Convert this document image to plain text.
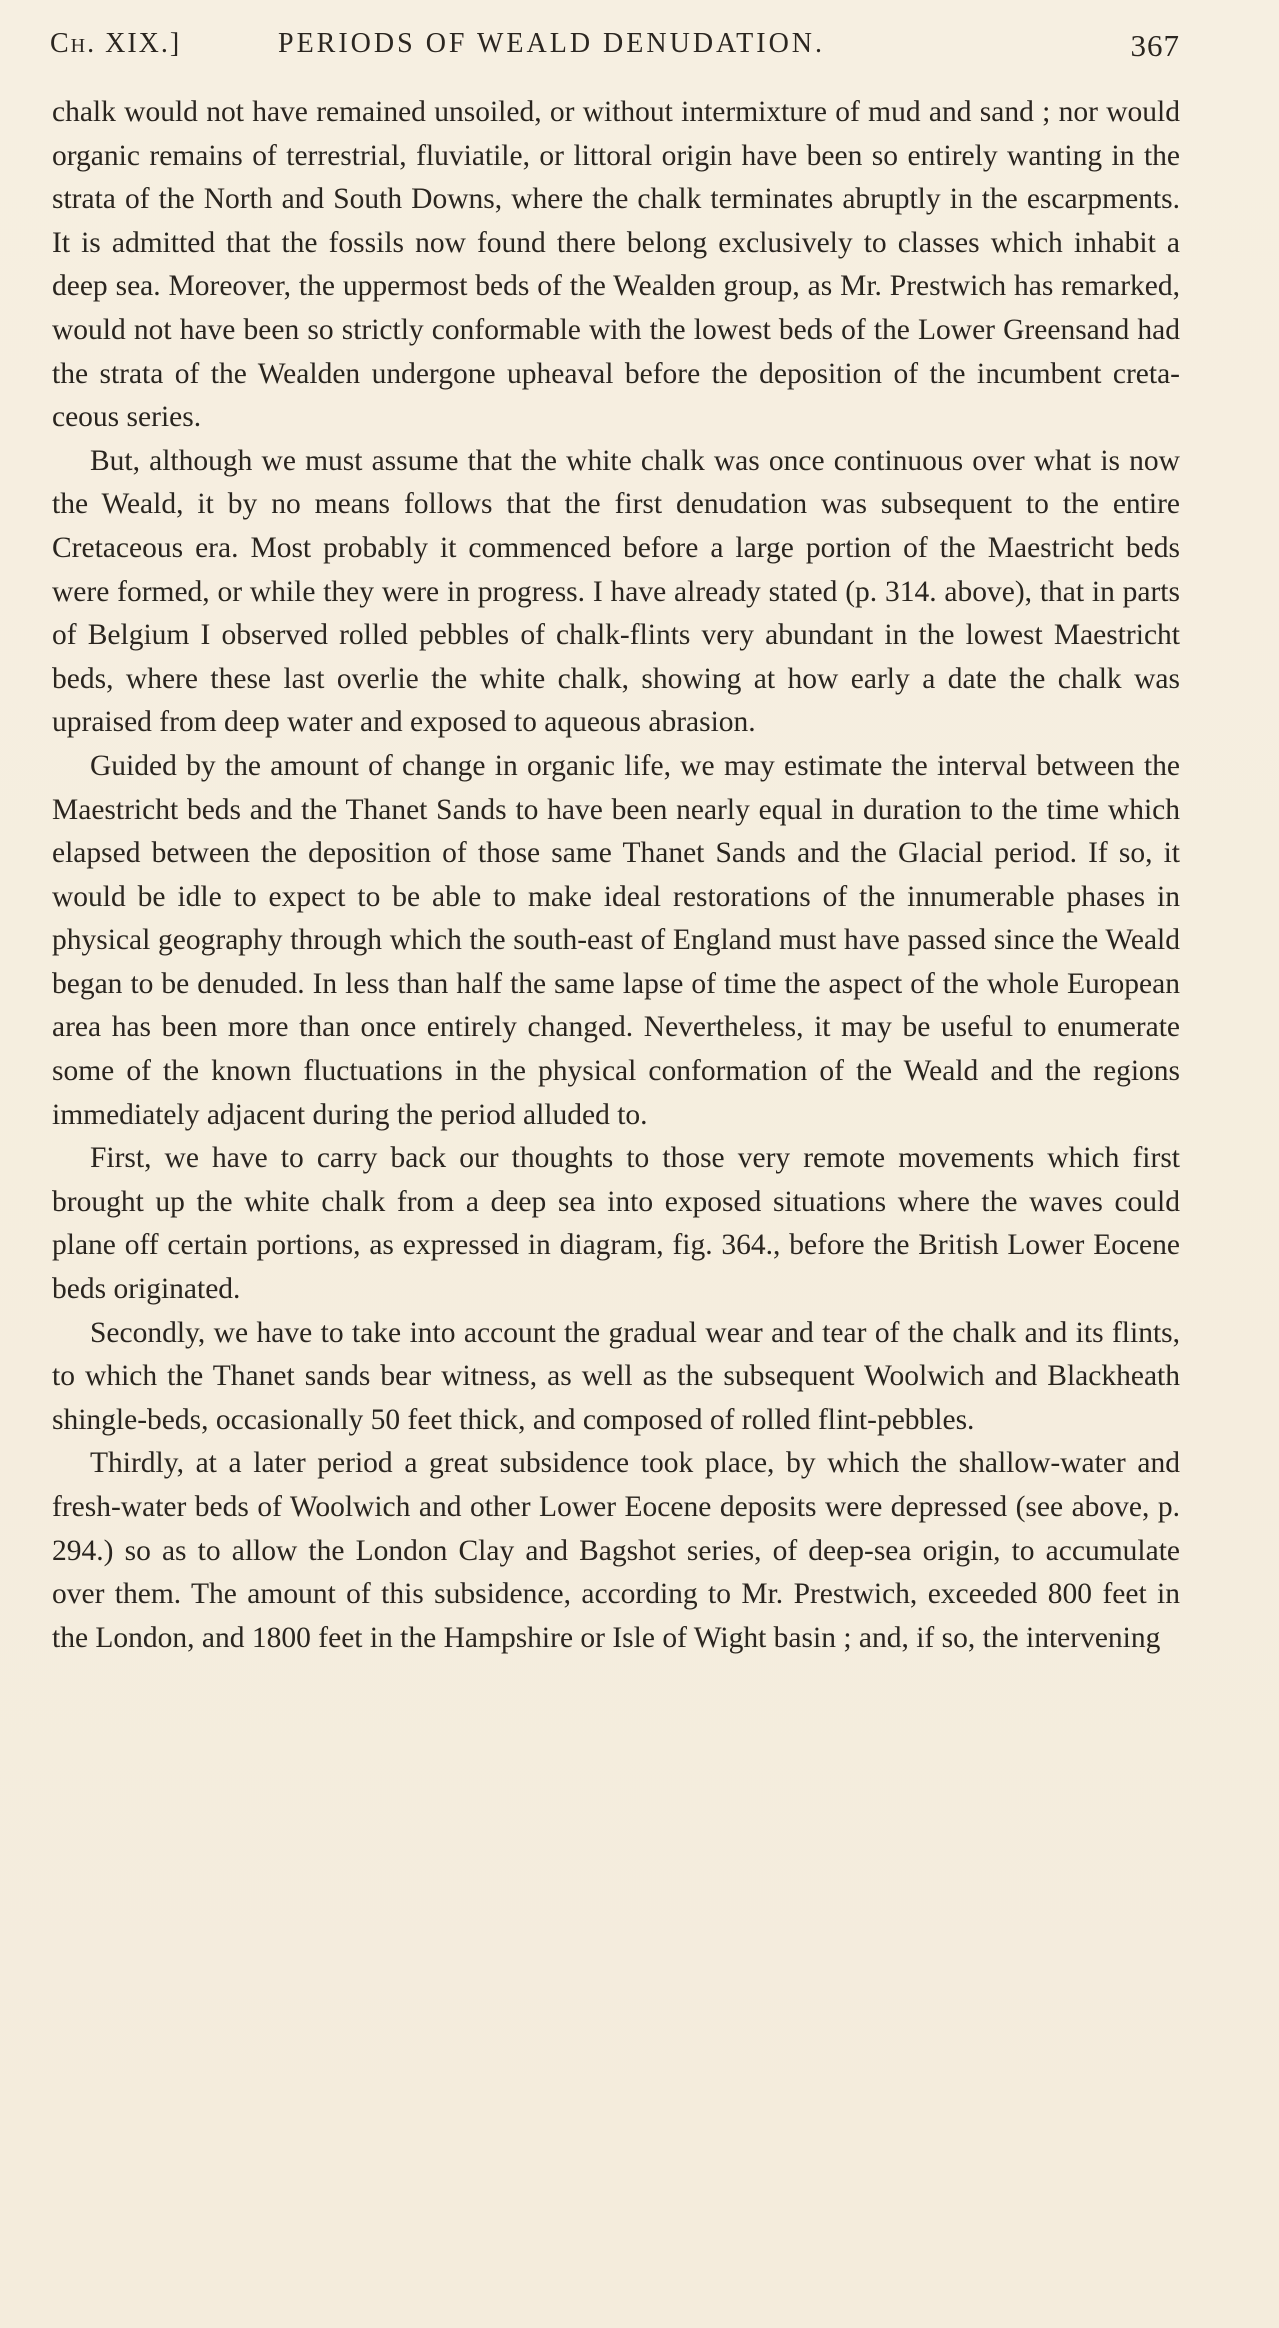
Ch. XIX.]	PERIODS OF WEALD DENUDATION.	367

chalk would not have remained unsoiled, or without intermixture of mud and sand ; nor would organic remains of terrestrial, fluviatile, or littoral origin have been so entirely wanting in the strata of the North and South Downs, where the chalk terminates abruptly in the escarpments. It is admitted that the fossils now found there belong exclusively to classes which inhabit a deep sea. Moreover, the uppermost beds of the Wealden group, as Mr. Prestwich has remarked, would not have been so strictly conformable with the lowest beds of the Lower Greensand had the strata of the Wealden undergone upheaval before the deposition of the incumbent creta-ceous series.

But, although we must assume that the white chalk was once continuous over what is now the Weald, it by no means follows that the first denudation was subsequent to the entire Cretaceous era. Most probably it commenced before a large portion of the Maestricht beds were formed, or while they were in progress. I have already stated (p. 314. above), that in parts of Belgium I observed rolled pebbles of chalk-flints very abundant in the lowest Maestricht beds, where these last overlie the white chalk, showing at how early a date the chalk was upraised from deep water and exposed to aqueous abrasion.

Guided by the amount of change in organic life, we may estimate the interval between the Maestricht beds and the Thanet Sands to have been nearly equal in duration to the time which elapsed between the deposition of those same Thanet Sands and the Glacial period. If so, it would be idle to expect to be able to make ideal restorations of the innumerable phases in physical geography through which the south-east of England must have passed since the Weald began to be denuded. In less than half the same lapse of time the aspect of the whole European area has been more than once entirely changed. Nevertheless, it may be useful to enumerate some of the known fluctuations in the physical conformation of the Weald and the regions immediately adjacent during the period alluded to.

First, we have to carry back our thoughts to those very remote movements which first brought up the white chalk from a deep sea into exposed situations where the waves could plane off certain portions, as expressed in diagram, fig. 364., before the British Lower Eocene beds originated.

Secondly, we have to take into account the gradual wear and tear of the chalk and its flints, to which the Thanet sands bear witness, as well as the subsequent Woolwich and Blackheath shingle-beds, occasionally 50 feet thick, and composed of rolled flint-pebbles.

Thirdly, at a later period a great subsidence took place, by which the shallow-water and fresh-water beds of Woolwich and other Lower Eocene deposits were depressed (see above, p. 294.) so as to allow the London Clay and Bagshot series, of deep-sea origin, to accumulate over them. The amount of this subsidence, according to Mr. Prestwich, exceeded 800 feet in the London, and 1800 feet in the Hampshire or Isle of Wight basin ; and, if so, the intervening
